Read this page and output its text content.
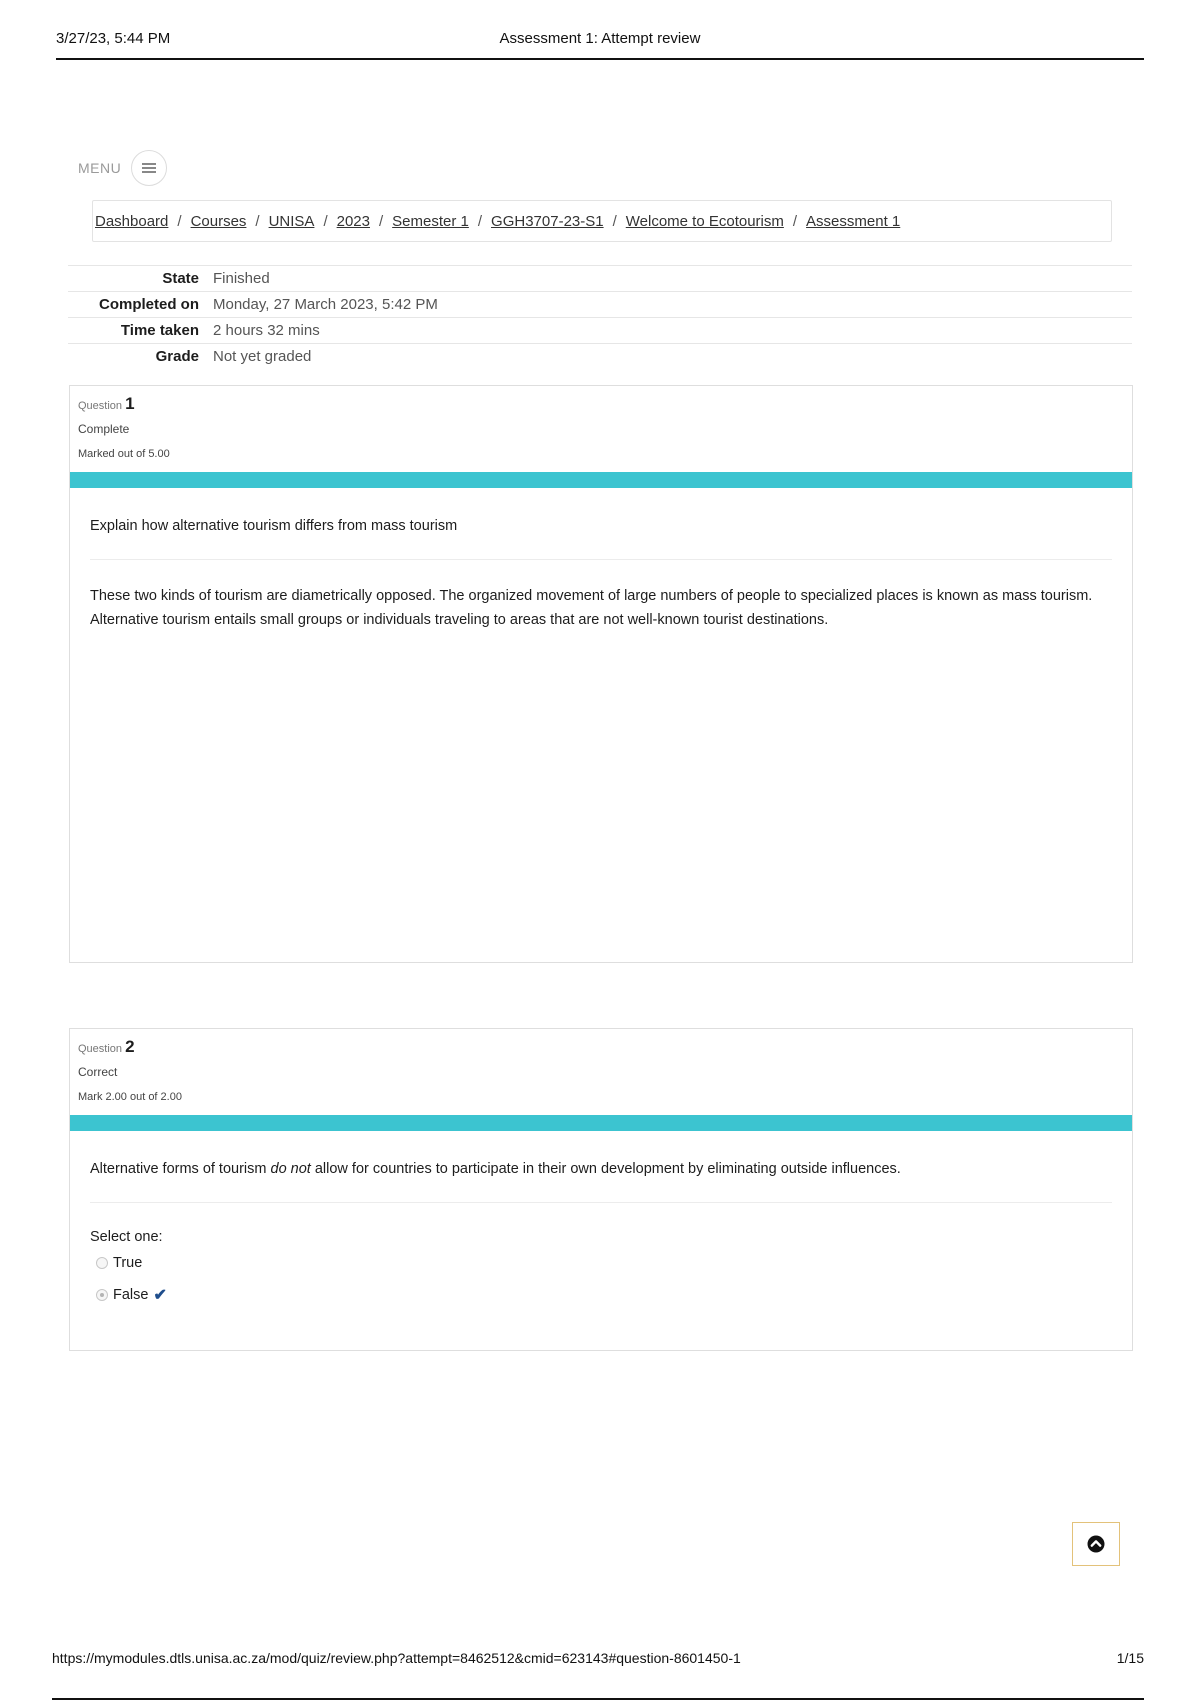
3/27/23, 5:44 PM	Assessment 1: Attempt review
MENU
Dashboard / Courses / UNISA / 2023 / Semester 1 / GGH3707-23-S1 / Welcome to Ecotourism / Assessment 1
State Finished
Completed on Monday, 27 March 2023, 5:42 PM
Time taken 2 hours 32 mins
Grade Not yet graded
Question 1
Complete
Marked out of 5.00
Explain how alternative tourism differs from mass tourism
These two kinds of tourism are diametrically opposed. The organized movement of large numbers of people to specialized places is known as mass tourism. Alternative tourism entails small groups or individuals traveling to areas that are not well-known tourist destinations.
Question 2
Correct
Mark 2.00 out of 2.00
Alternative forms of tourism do not allow for countries to participate in their own development by eliminating outside influences.
Select one:
True
False ✔
https://mymodules.dtls.unisa.ac.za/mod/quiz/review.php?attempt=8462512&cmid=623143#question-8601450-1	1/15
